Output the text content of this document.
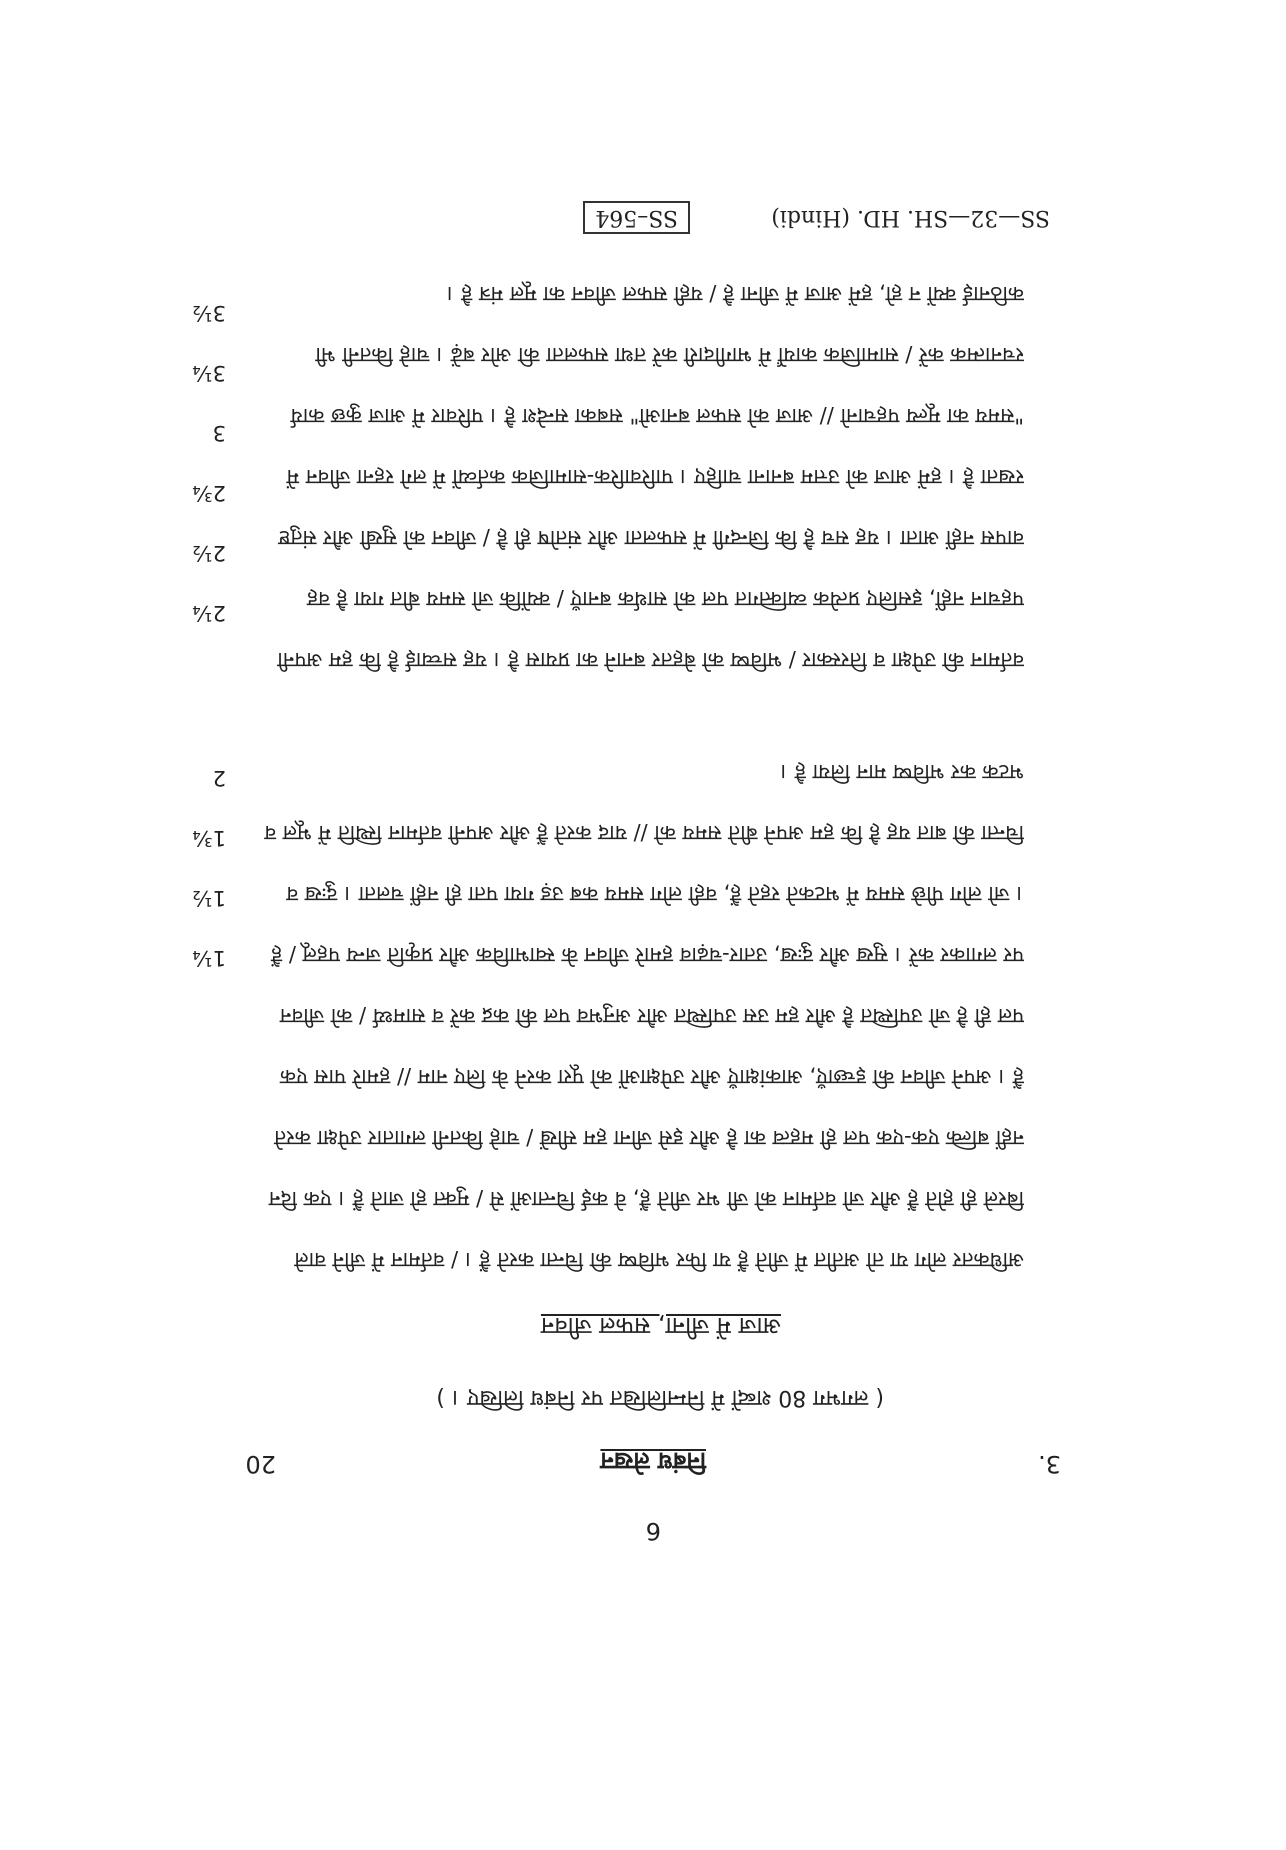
SS—32—SH. HD. (Hindi)
SS–564
6
3.
निबंध लेखन
20
( लगभग 80 शब्दों में निम्नलिखित पर निबंध लिखिए । )
आज में जीना, सफल जीवन
अधिकतर लोग या तो अतीत में जीते हैं या फिर भविष्य की चिन्ता करते हैं । / वर्तमान में जीने वाले बिरले ही होते हैं और जो वर्तमान को जी भर जीते हैं, वे कई चिन्ताओं से / मुक्त हो जाते हैं । एक दिन नहीं बल्कि एक-एक पल ही महत्व का है और इसे जीना हम सीखें / चाहे कितनी लगातार उपेक्षा करते हैं । अपने जीवन की इच्छाएँ, आकांक्षाएँ और उपेक्षाओं को पूरा करने के लिए नाम // हमारे पास एक पल ही है जो उपस्थित है और हम उस उपस्थित और अनुभव पल की कद्र करें व सामर्थ्य / को जीवन पर लगाकर करें । सुख और दुःख, उतार-चढ़ाव हमारे जीवन के स्वाभाविक और प्रकृति जन्य पहलू / हैं । जो लोग पीछे समय में भटकते रहते हैं, वही लोग समय कब उड़ गया पता ही नहीं चलता । दुःख व चिन्ता की बात यह है कि हम अपने बीते समय को // याद करते हैं और अपनी वर्तमान स्थिति में भूल व भटक कर भविष्य मान लिया है ।
वर्तमान की उपेक्षा व तिरस्कार / भविष्य को बेहतर बनाने का प्रयास है । यह सच्चाई है कि हम अपनी पहचान नहीं, इसलिए प्रत्येक व्यक्तिगत पल को सार्थक बनाएँ / क्योंकि जो समय बीत गया है वह वापस नहीं आता । यह सच है कि जिन्दगी में सफलता और संतोष ही है / जीवन को सुखी और संतुष्ट रखता है । हमें आज को उत्तम बनाना चाहिए । पारिवारिक-सामाजिक कर्तव्यों में लगे रहना जीवन में "समय का मूल्य पहचानो // आज को सफल बनाओ" सबका सन्देश है । परिवार में आज कुछ कार्य रचनात्मक करें / सामाजिक कार्यों में भागीदारी करें तथा सफलता की ओर बढ़ें । चाहे कितनी भी कठिनाई क्यों न हो, हमें आज में जीना है / यही सफल जीवन का मूल मंत्र है ।
1¼
1½
1¾
2
2¼
2½
2¾
3
3¼
3½
